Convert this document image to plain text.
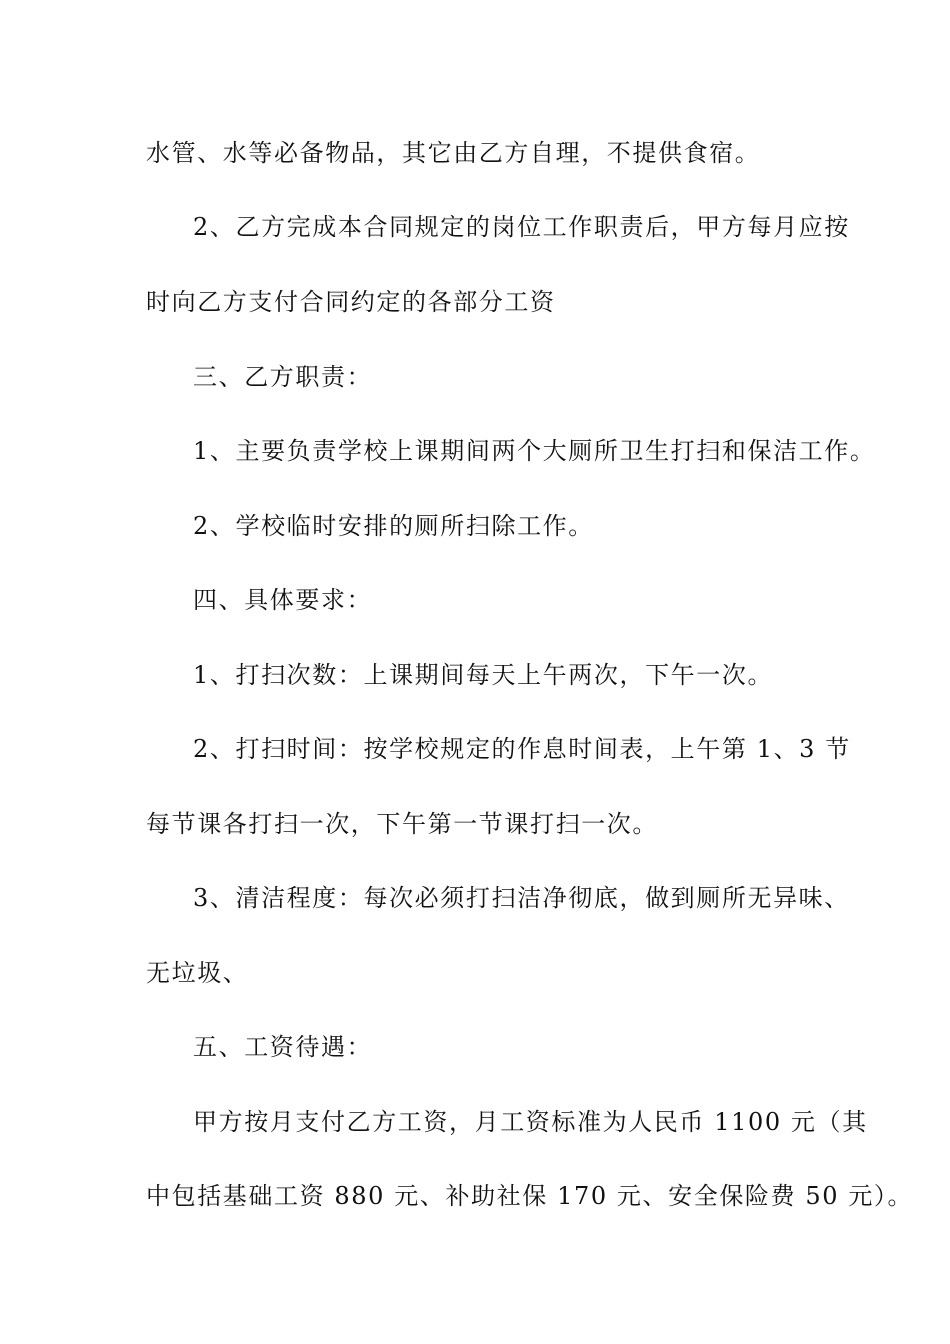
水管、水等必备物品，其它由乙方自理，不提供食宿。
2、乙方完成本合同规定的岗位工作职责后，甲方每月应按
时向乙方支付合同约定的各部分工资
三、乙方职责：
1、主要负责学校上课期间两个大厕所卫生打扫和保洁工作。
2、学校临时安排的厕所扫除工作。
四、具体要求：
1、打扫次数：上课期间每天上午两次，下午一次。
2、打扫时间：按学校规定的作息时间表，上午第 1、3 节
每节课各打扫一次，下午第一节课打扫一次。
3、清洁程度：每次必须打扫洁净彻底，做到厕所无异味、
无垃圾、
五、工资待遇：
甲方按月支付乙方工资，月工资标准为人民币 1100 元（其
中包括基础工资 880 元、补助社保 170 元、安全保险费 50 元）。
